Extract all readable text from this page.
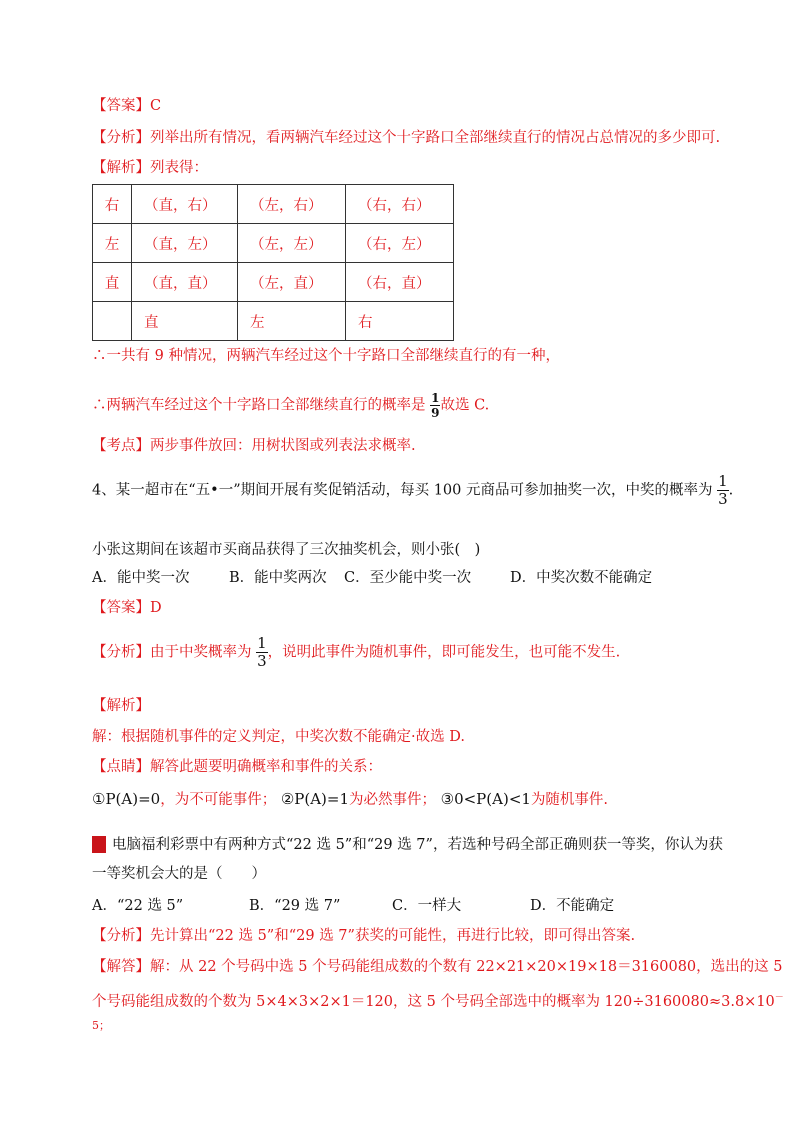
【答案】C
【分析】列举出所有情况，看两辆汽车经过这个十字路口全部继续直行的情况占总情况的多少即可.
【解析】列表得：
右	（直，右）	（左，右）	（右，右）
左	（直，左）	（左，左）	（右，左）
直	（直，直）	（左，直）	（右，直）
	直	左	右
∴一共有 9 种情况，两辆汽车经过这个十字路口全部继续直行的有一种，
∴两辆汽车经过这个十字路口全部继续直行的概率是 $\frac{1}{9}$ 故选 C.
【考点】两步事件放回：用树状图或列表法求概率.
4、某一超市在“五•一”期间开展有奖促销活动，每买 100 元商品可参加抽奖一次，中奖的概率为 $\frac{1}{3}$ .
小张这期间在该超市买商品获得了三次抽奖机会，则小张(　)
A．能中奖一次	B．能中奖两次 C．至少能中奖一次	D．中奖次数不能确定
【答案】D
【分析】由于中奖概率为 $\frac{1}{3}$ ，说明此事件为随机事件，即可能发生，也可能不发生.
【解析】
解：根据随机事件的定义判定，中奖次数不能确定·故选 D.
【点睛】解答此题要明确概率和事件的关系：
①P(A)=0，为不可能事件； ②P(A)=1为必然事件； ③0<P(A)<1为随机事件.
电脑福利彩票中有两种方式“22 选 5”和“29 选 7”，若选种号码全部正确则获一等奖，你认为获
一等奖机会大的是（　　）
A．“22 选 5”	B．“29 选 7”	C．一样大	D．不能确定
【分析】先计算出“22 选 5”和“29 选 7”获奖的可能性，再进行比较，即可得出答案.
【解答】解：从 22 个号码中选 5 个号码能组成数的个数有 22×21×20×19×18＝3160080，选出的这 5
个号码能组成数的个数为 5×4×3×2×1＝120，这 5 个号码全部选中的概率为 120÷3160080≈3.8×10－
5；
